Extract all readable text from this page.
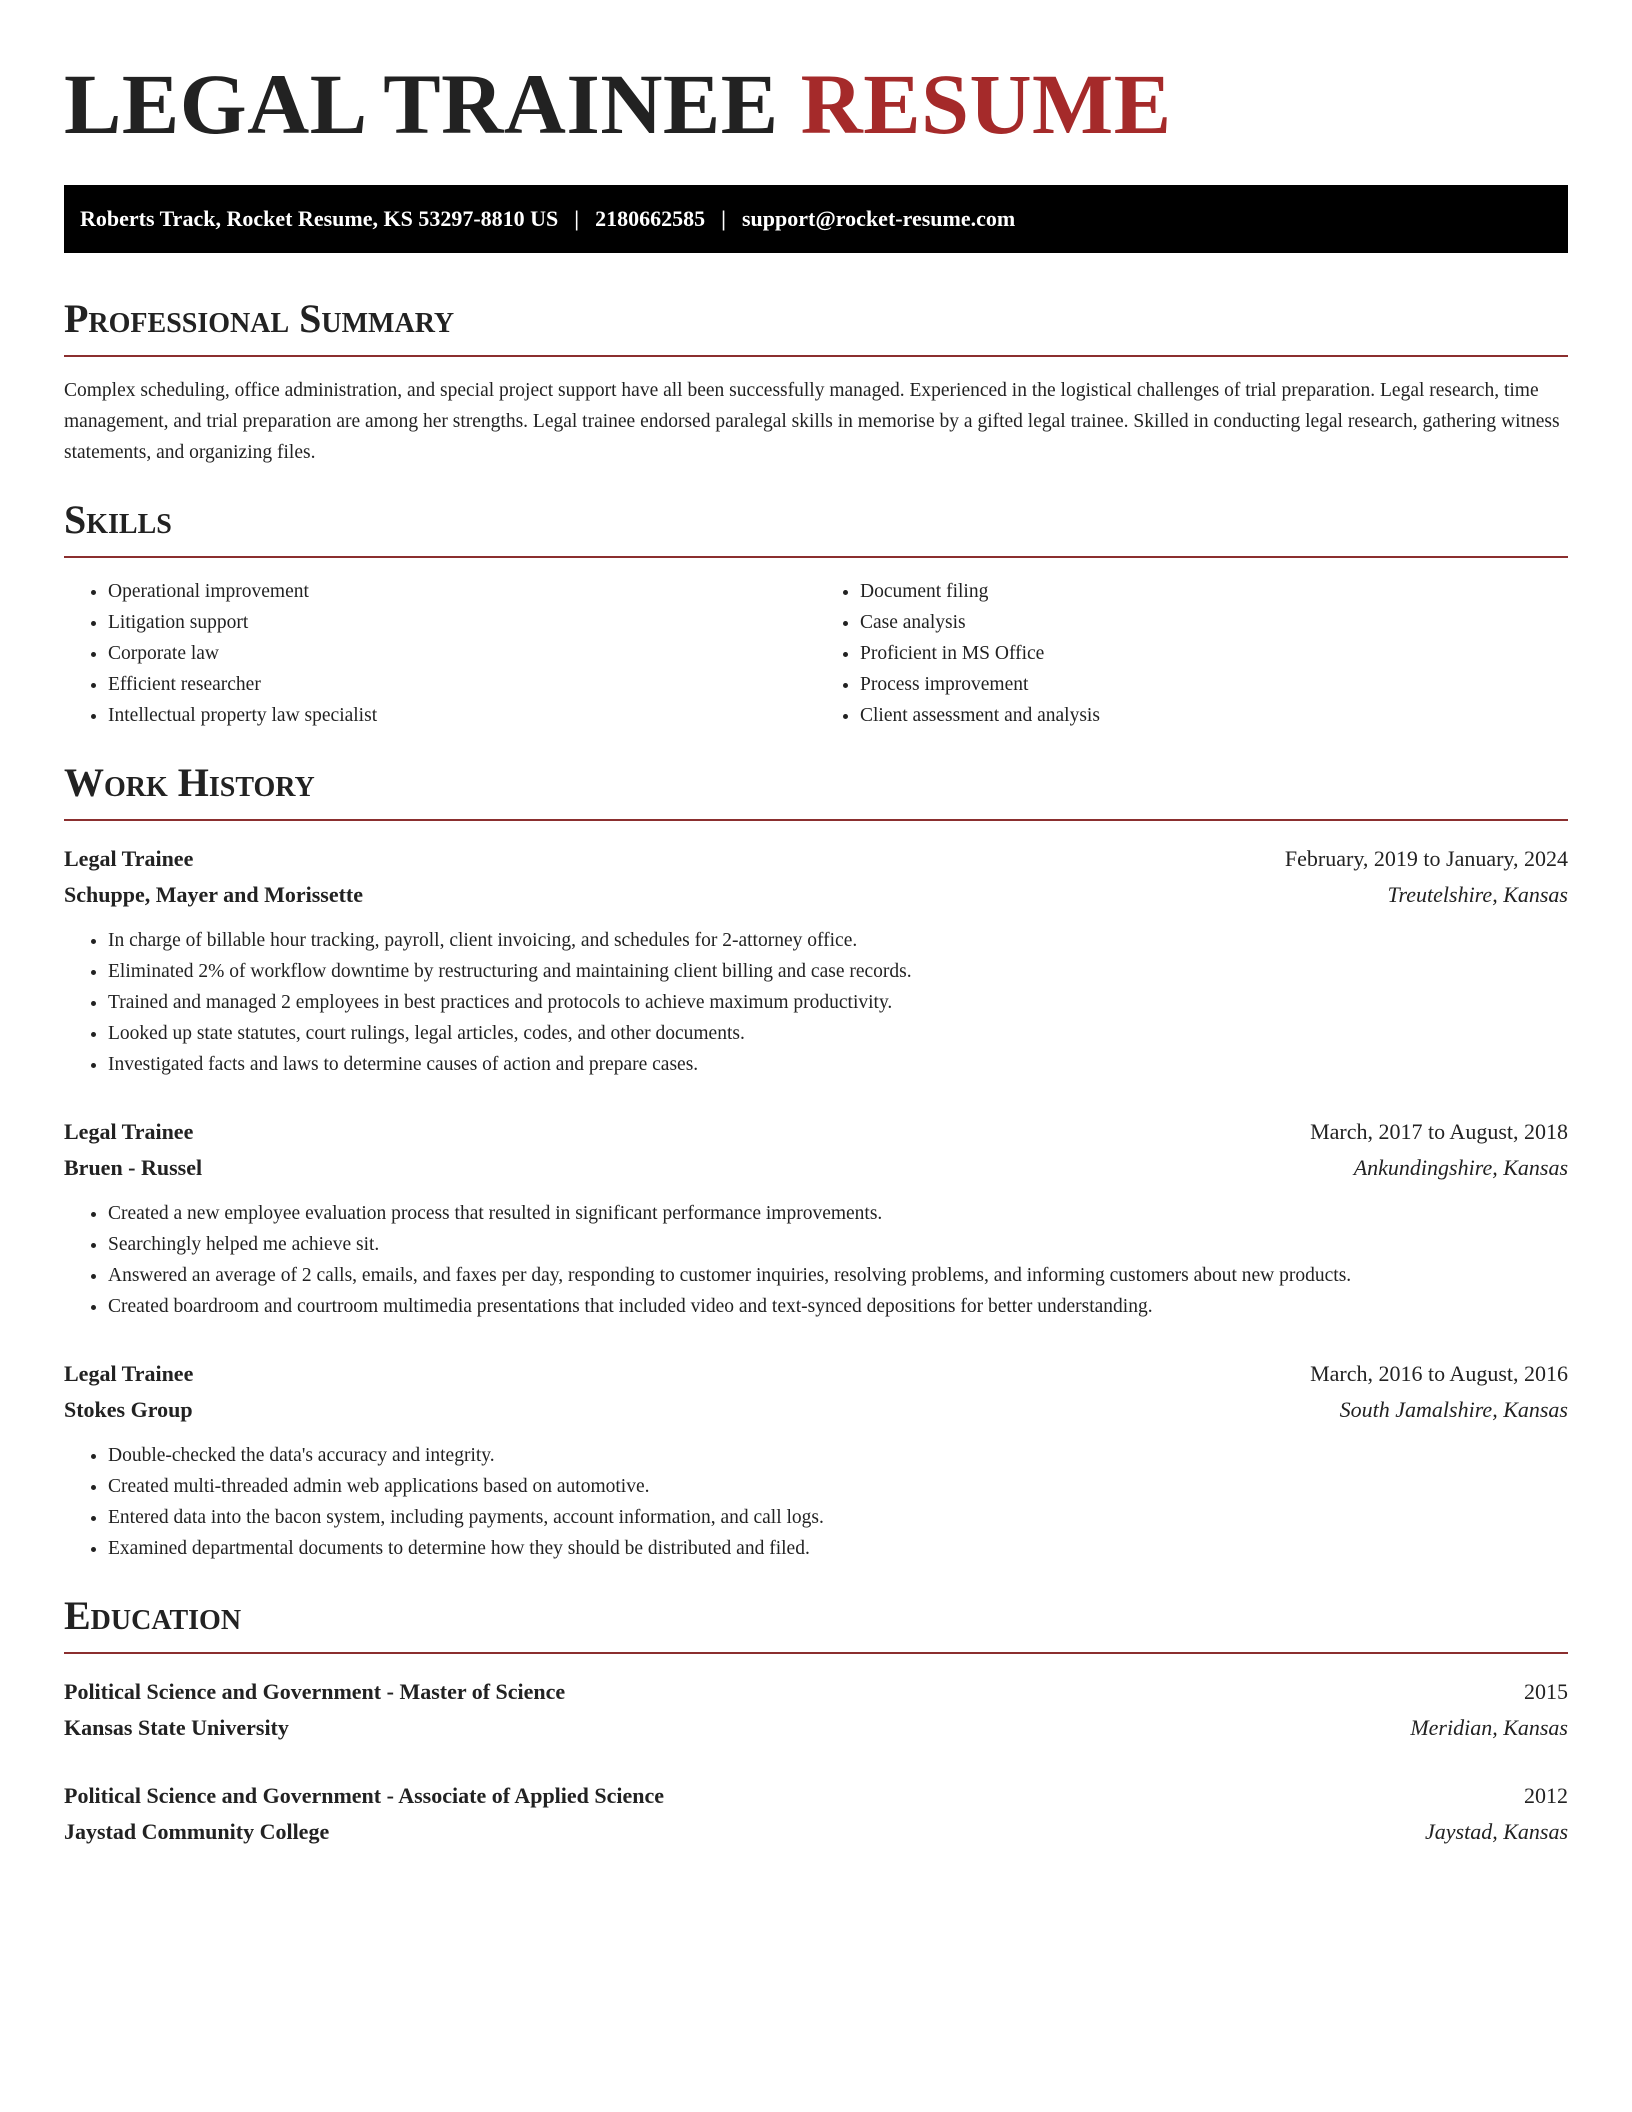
LEGAL TRAINEE RESUME
Roberts Track, Rocket Resume, KS 53297-8810 US | 2180662585 | support@rocket-resume.com
Professional Summary

Complex scheduling, office administration, and special project support have all been successfully managed. Experienced in the logistical challenges of trial preparation. Legal research, time management, and trial preparation are among her strengths. Legal trainee endorsed paralegal skills in memorise by a gifted legal trainee. Skilled in conducting legal research, gathering witness statements, and organizing files.

Skills
• Operational improvement
• Litigation support
• Corporate law
• Efficient researcher
• Intellectual property law specialist
• Document filing
• Case analysis
• Proficient in MS Office
• Process improvement
• Client assessment and analysis
Work History
Legal Trainee	February, 2019 to January, 2024
Schuppe, Mayer and Morissette	Treutelshire, Kansas
• In charge of billable hour tracking, payroll, client invoicing, and schedules for 2-attorney office.
• Eliminated 2% of workflow downtime by restructuring and maintaining client billing and case records.
• Trained and managed 2 employees in best practices and protocols to achieve maximum productivity.
• Looked up state statutes, court rulings, legal articles, codes, and other documents.
• Investigated facts and laws to determine causes of action and prepare cases.
Legal Trainee	March, 2017 to August, 2018
Bruen - Russel	Ankundingshire, Kansas
• Created a new employee evaluation process that resulted in significant performance improvements.
• Searchingly helped me achieve sit.
• Answered an average of 2 calls, emails, and faxes per day, responding to customer inquiries, resolving problems, and informing customers about new products.
• Created boardroom and courtroom multimedia presentations that included video and text-synced depositions for better understanding.
Legal Trainee	March, 2016 to August, 2016
Stokes Group	South Jamalshire, Kansas
• Double-checked the data's accuracy and integrity.
• Created multi-threaded admin web applications based on automotive.
• Entered data into the bacon system, including payments, account information, and call logs.
• Examined departmental documents to determine how they should be distributed and filed.
Education
Political Science and Government - Master of Science	2015
Kansas State University	Meridian, Kansas
Political Science and Government - Associate of Applied Science	2012
Jaystad Community College	Jaystad, Kansas
